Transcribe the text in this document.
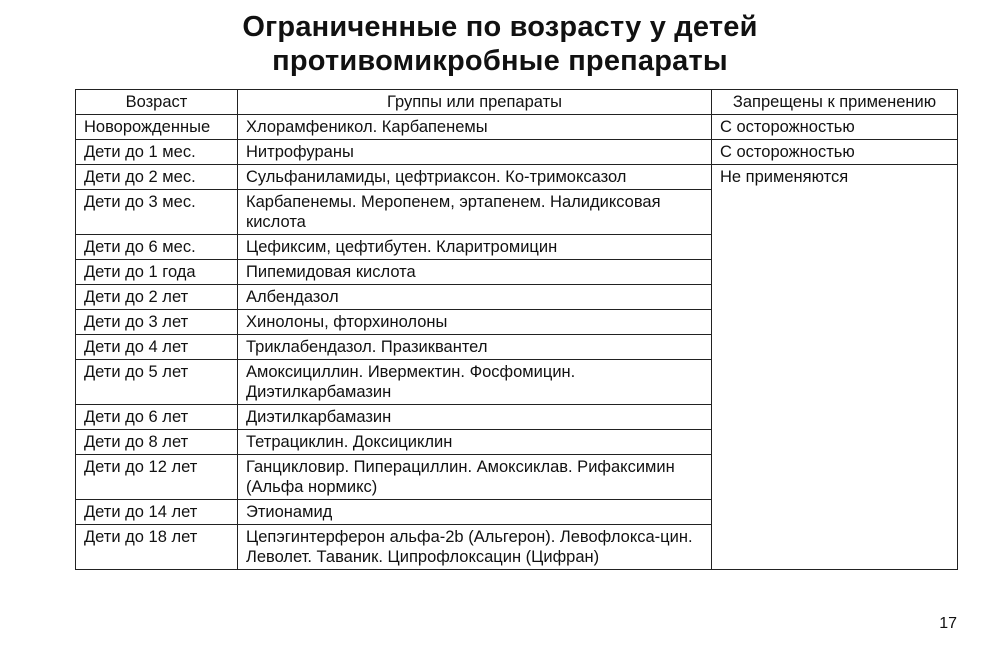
Ограниченные по возрасту у детей
противомикробные препараты
Возраст	Группы или препараты	Запрещены к применению
Новорожденные	Хлорамфеникол. Карбапенемы	С осторожностью
Дети до 1 мес.	Нитрофураны	С осторожностью
Дети до 2 мес.	Сульфаниламиды, цефтриаксон. Ко-тримоксазол	Не применяются
Дети до 3 мес.	Карбапенемы. Меропенем, эртапенем. Налидиксовая кислота	
Дети до 6 мес.	Цефиксим, цефтибутен. Кларитромицин	
Дети до 1 года	Пипемидовая кислота	
Дети до 2 лет	Албендазол	
Дети до 3 лет	Хинолоны, фторхинолоны	
Дети до 4 лет	Триклабендазол. Празиквантел	
Дети до 5 лет	Амоксициллин. Ивермектин. Фосфомицин. Диэтилкарбамазин	
Дети до 6 лет	Диэтилкарбамазин	
Дети до 8 лет	Тетрациклин. Доксициклин	
Дети до 12 лет	Ганцикловир. Пиперациллин. Амоксиклав. Рифаксимин (Альфа нормикс)	
Дети до 14 лет	Этионамид	
Дети до 18 лет	Цепэгинтерферон альфа-2b (Альгерон). Левофлокса-цин. Леволет. Таваник. Ципрофлоксацин (Цифран)	
17
